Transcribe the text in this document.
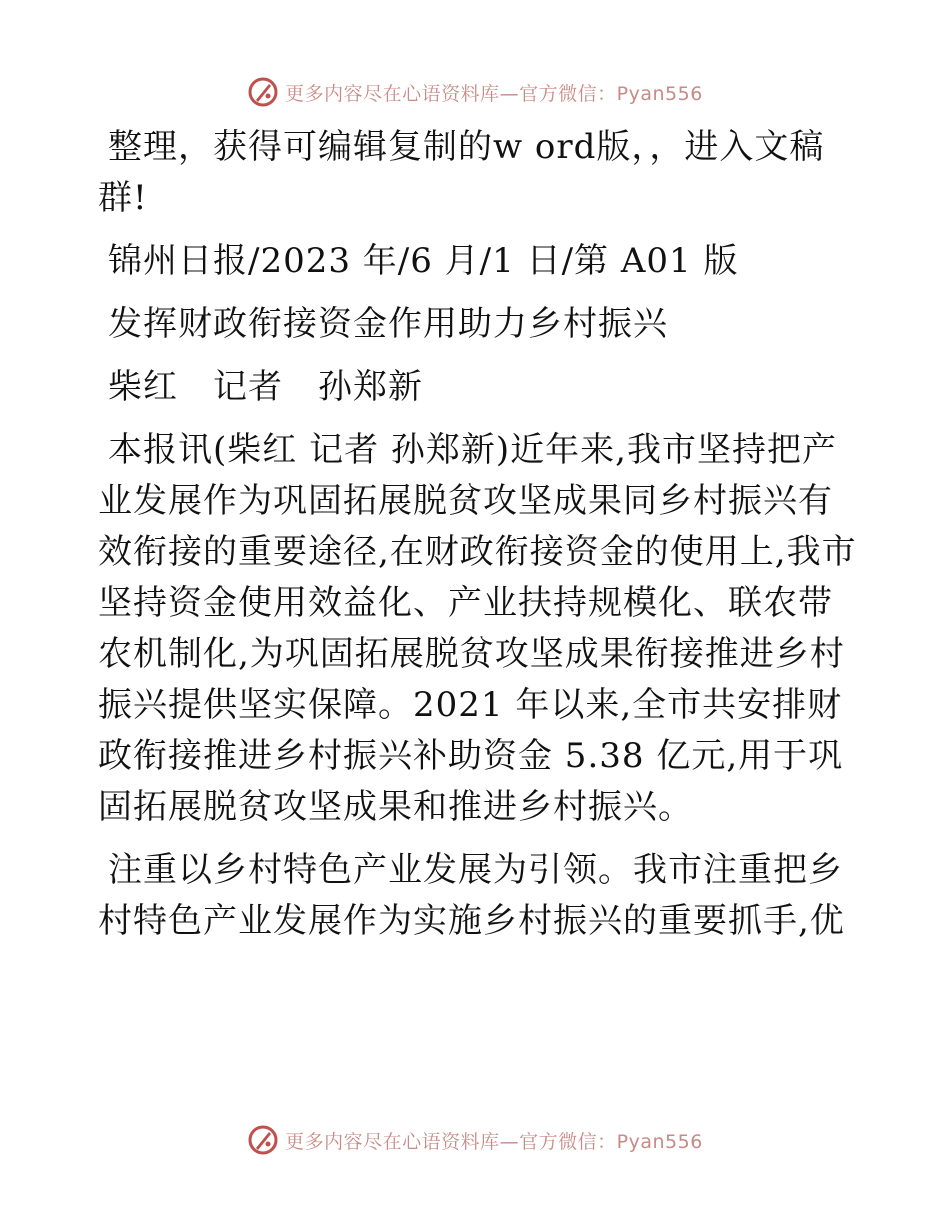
更多内容尽在心语资料库—官方微信：Pyan556

整理，获得可编辑复制的w ord版，，进入文稿群!

锦州日报/2023 年/6 月/1 日/第 A01 版

发挥财政衔接资金作用助力乡村振兴

柴红　记者　孙郑新

本报讯(柴红 记者 孙郑新)近年来,我市坚持把产业发展作为巩固拓展脱贫攻坚成果同乡村振兴有效衔接的重要途径,在财政衔接资金的使用上,我市坚持资金使用效益化、产业扶持规模化、联农带农机制化,为巩固拓展脱贫攻坚成果衔接推进乡村振兴提供坚实保障。2021 年以来,全市共安排财政衔接推进乡村振兴补助资金 5.38 亿元,用于巩固拓展脱贫攻坚成果和推进乡村振兴。

注重以乡村特色产业发展为引领。我市注重把乡村特色产业发展作为实施乡村振兴的重要抓手,优

更多内容尽在心语资料库—官方微信：Pyan556
